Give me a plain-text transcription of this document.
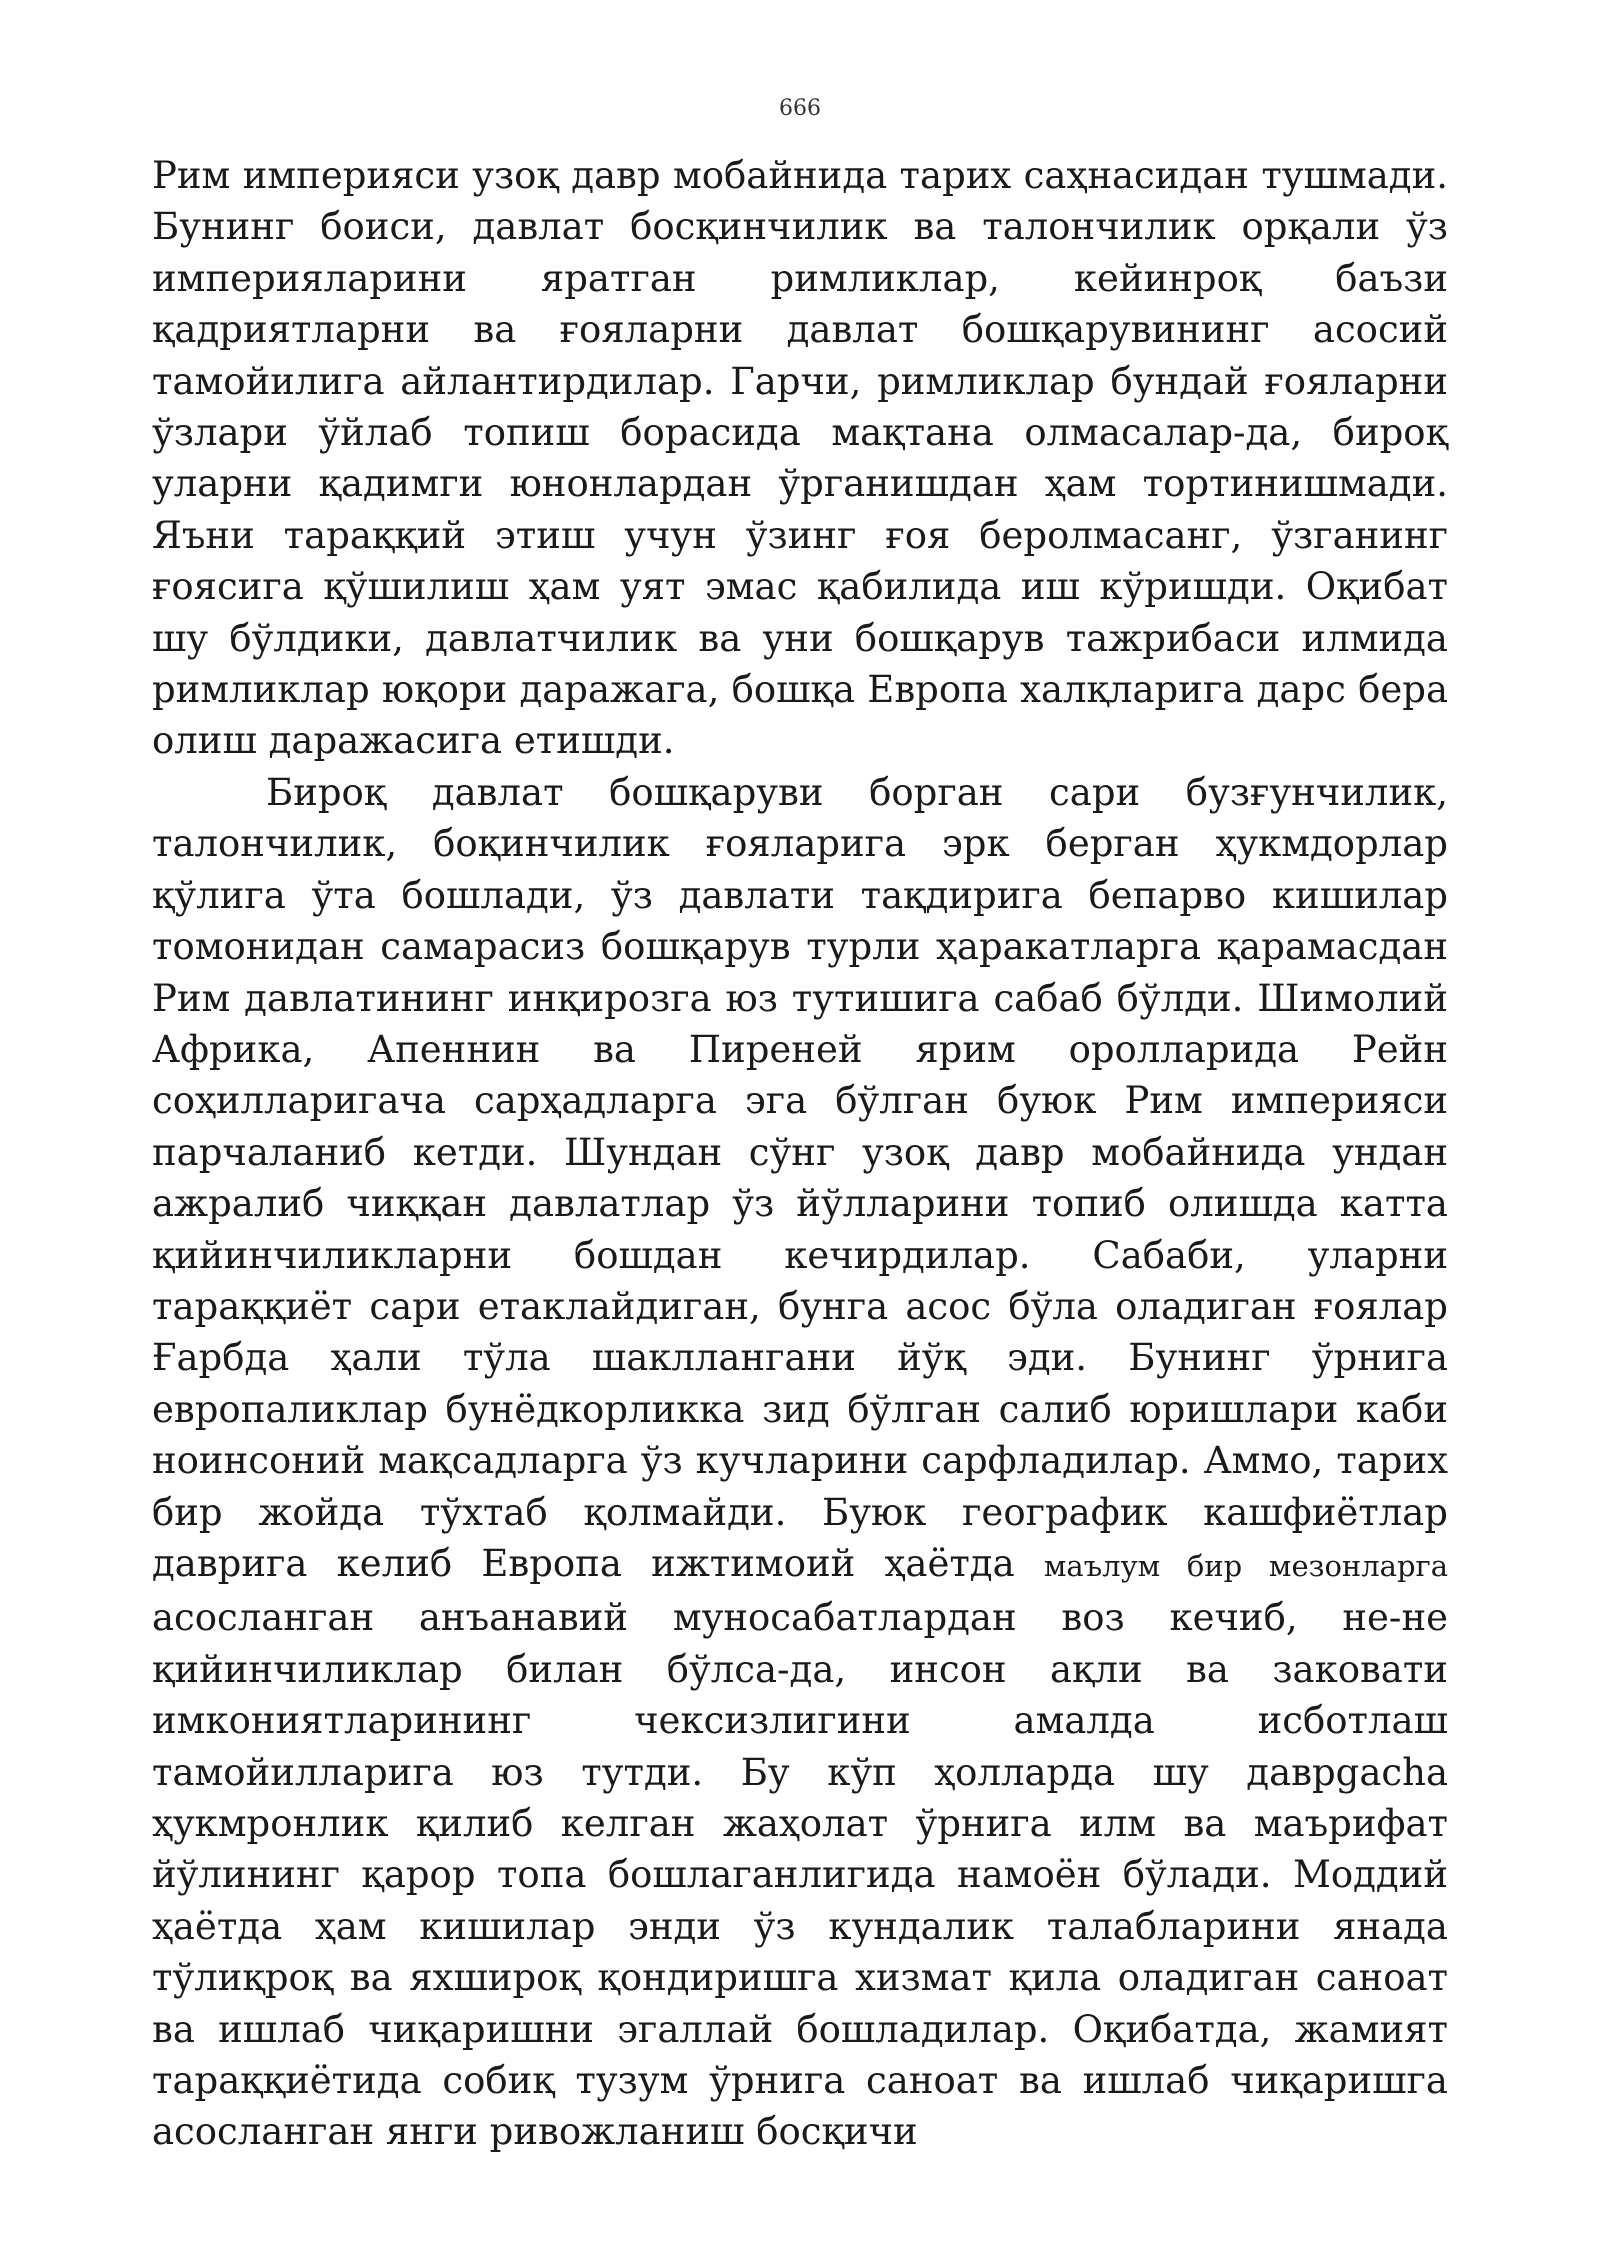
666

Рим империяси узоқ давр мобайнида тарих саҳнасидан тушмади. Бунинг боиси, давлат босқинчилик ва талончилик орқали ўз империяларини яратган римликлар, кейинроқ баъзи қадриятларни ва ғояларни давлат бошқарувининг асосий тамойилига айлантирдилар. Гарчи, римликлар бундай ғояларни ўзлари ўйлаб топиш борасида мақтана олмасалар-да, бироқ уларни қадимги юнонлардан ўрганишдан ҳам тортинишмади. Яъни тараққий этиш учун ўзинг ғоя беролмасанг, ўзганинг ғоясига қўшилиш ҳам уят эмас қабилида иш кўришди. Оқибат шу бўлдики, давлатчилик ва уни бошқарув тажрибаси илмида римликлар юқори даражага, бошқа Европа халқларига дарс бера олиш даражасига етишди.

Бироқ давлат бошқаруви борган сари бузғунчилик, талончилик, боқинчилик ғояларига эрк берган ҳукмдорлар қўлига ўта бошлади, ўз давлати тақдирига бепарво кишилар томонидан самарасиз бошқарув турли ҳаракатларга қарамасдан Рим давлатининг инқирозга юз тутишига сабаб бўлди. Шимолий Африка, Апеннин ва Пиреней ярим оролларида Рейн соҳилларигача сарҳадларга эга бўлган буюк Рим империяси парчаланиб кетди. Шундан сўнг узоқ давр мобайнида ундан ажралиб чиққан давлатлар ўз йўлларини топиб олишда катта қийинчиликларни бошдан кечирдилар. Сабаби, уларни тараққиёт сари етаклайдиган, бунга асос бўла оладиган ғоялар Ғарбда ҳали тўла шакллангани йўқ эди. Бунинг ўрнига европаликлар бунёдкорликка зид бўлган салиб юришлари каби ноинсоний мақсадларга ўз кучларини сарфладилар. Аммо, тарих бир жойда тўхтаб қолмайди. Буюк географик кашфиётлар даврига келиб Европа ижтимоий ҳаётда маълум бир мезонларга асосланган анъанавий муносабатлардан воз кечиб, не-не қийинчиликлар билан бўлса-да, инсон ақли ва заковати имкониятларининг чексизлигини амалда исботлаш тамойилларига юз тутди. Бу кўп ҳолларда шу даврgacha ҳукмронлик қилиб келган жаҳолат ўрнига илм ва маърифат йўлининг қарор топа бошлаганлигида намоён бўлади. Моддий ҳаётда ҳам кишилар энди ўз кундалик талабларини янада тўлиқроқ ва яхшироқ қондиришга хизмат қила оладиган саноат ва ишлаб чиқаришни эгаллай бошладилар. Оқибатда, жамият тараққиётида собиқ тузум ўрнига саноат ва ишлаб чиқаришга асосланган янги ривожланиш босқичи
